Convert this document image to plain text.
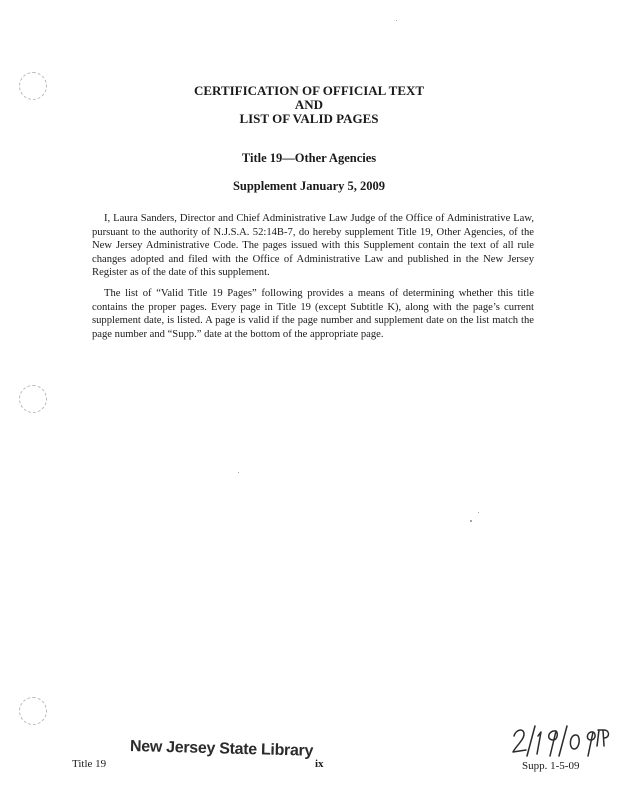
CERTIFICATION OF OFFICIAL TEXT
AND
LIST OF VALID PAGES
Title 19—Other Agencies
Supplement January 5, 2009

I, Laura Sanders, Director and Chief Administrative Law Judge of the Office of Administrative Law, pursuant to the authority of N.J.S.A. 52:14B-7, do hereby supplement Title 19, Other Agencies, of the New Jersey Administrative Code. The pages issued with this Supplement contain the text of all rule changes adopted and filed with the Office of Administrative Law and published in the New Jersey Register as of the date of this supplement.

The list of “Valid Title 19 Pages” following provides a means of determining whether this title contains the proper pages. Every page in Title 19 (except Subtitle K), along with the page’s current supplement date, is listed. A page is valid if the page number and supplement date on the list match the page number and “Supp.” date at the bottom of the appropriate page.

New Jersey State Library
Title 19	ix	Supp. 1-5-09
